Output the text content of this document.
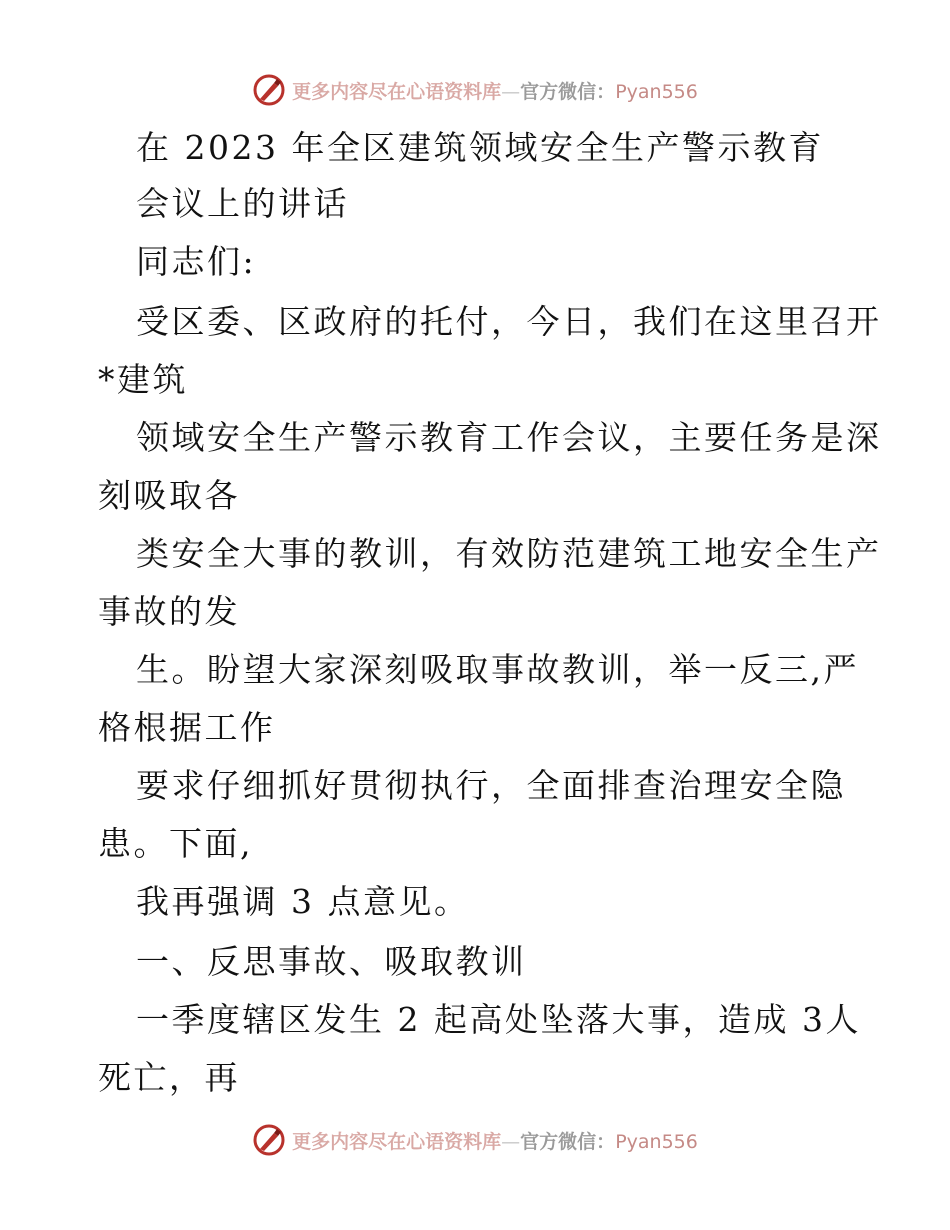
更多内容尽在心语资料库—官方微信：Pyan556
在 2023 年全区建筑领域安全生产警示教育
会议上的讲话
同志们:
受区委、区政府的托付，今日，我们在这里召开
*建筑
领域安全生产警示教育工作会议，主要任务是深
刻吸取各
类安全大事的教训，有效防范建筑工地安全生产
事故的发
生。盼望大家深刻吸取事故教训，举一反三,严
格根据工作
要求仔细抓好贯彻执行，全面排查治理安全隐
患。下面,
我再强调 3 点意见。
一、反思事故、吸取教训
一季度辖区发生 2 起高处坠落大事，造成 3人
死亡，再
更多内容尽在心语资料库—官方微信：Pyan556
